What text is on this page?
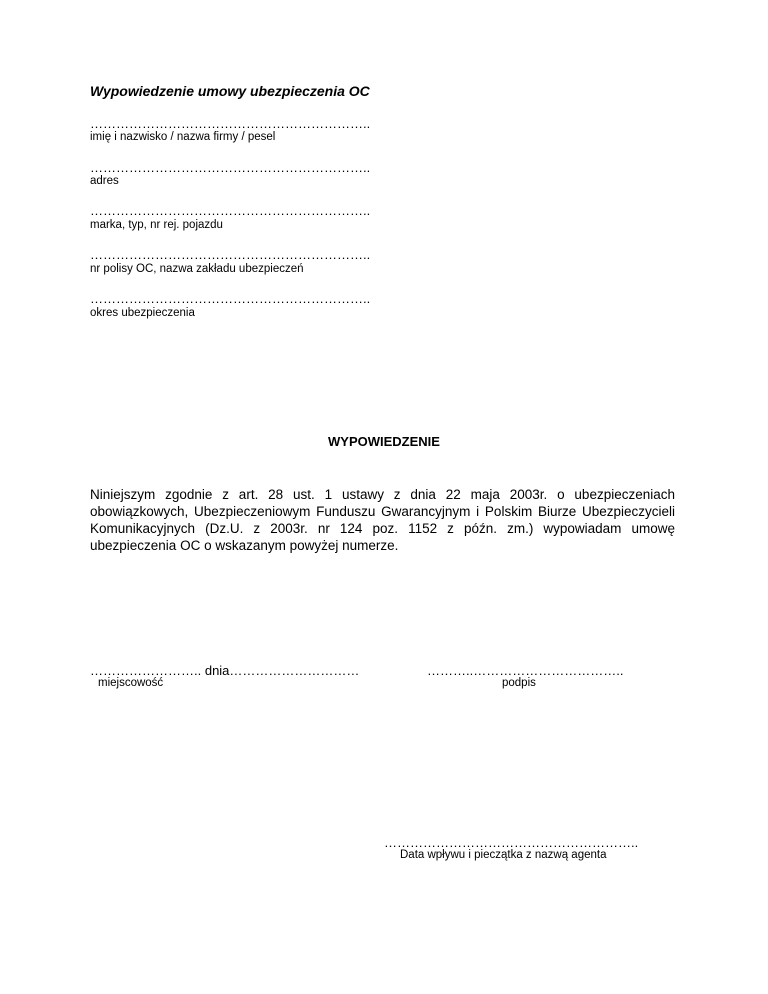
Wypowiedzenie umowy ubezpieczenia OC
………………………………………………………..
imię i nazwisko / nazwa firmy / pesel
………………………………………………………..
adres
………………………………………………………..
marka, typ, nr rej. pojazdu
………………………………………………………..
nr polisy OC, nazwa zakładu ubezpieczeń
………………………………………………………..
okres ubezpieczenia
WYPOWIEDZENIE
Niniejszym zgodnie z art. 28 ust. 1 ustawy z dnia 22 maja 2003r. o ubezpieczeniach obowiązkowych, Ubezpieczeniowym Funduszu Gwarancyjnym i Polskim Biurze Ubezpieczycieli Komunikacyjnych (Dz.U. z 2003r. nr 124 poz. 1152 z późn. zm.) wypowiadam umowę ubezpieczenia OC o wskazanym powyżej numerze.
…………………….. dnia…………………………
miejscowość
………..……………………………..
podpis
…………………………………………………..
Data wpływu i pieczątka z nazwą agenta
